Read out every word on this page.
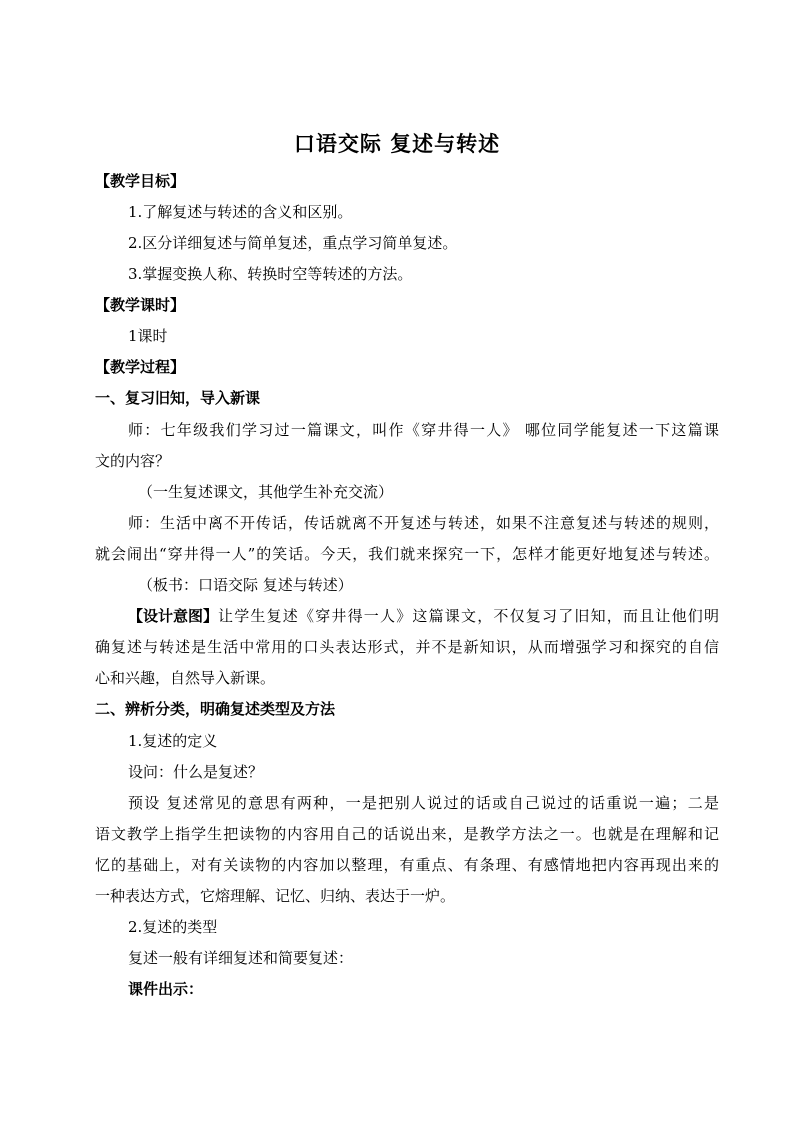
口语交际 复述与转述
【教学目标】
1.了解复述与转述的含义和区别。
2.区分详细复述与简单复述，重点学习简单复述。
3.掌握变换人称、转换时空等转述的方法。
【教学课时】
1课时
【教学过程】
一、复习旧知，导入新课
师：七年级我们学习过一篇课文，叫作《穿井得一人》 哪位同学能复述一下这篇课
文的内容？
（一生复述课文，其他学生补充交流）
师：生活中离不开传话，传话就离不开复述与转述，如果不注意复述与转述的规则，
就会闹出“穿井得一人”的笑话。今天，我们就来探究一下，怎样才能更好地复述与转述。
（板书：口语交际 复述与转述）
【设计意图】 让学生复述《穿井得一人》这篇课文，不仅复习了旧知，而且让他们明
确复述与转述是生活中常用的口头表达形式，并不是新知识，从而增强学习和探究的自信
心和兴趣，自然导入新课。
二、辨析分类，明确复述类型及方法
1.复述的定义
设问：什么是复述？
预设 复述常见的意思有两种，一是把别人说过的话或自己说过的话重说一遍；二是
语文教学上指学生把读物的内容用自己的话说出来，是教学方法之一。也就是在理解和记
忆的基础上，对有关读物的内容加以整理，有重点、有条理、有感情地把内容再现出来的
一种表达方式，它熔理解、记忆、归纳、表达于一炉。
2.复述的类型
复述一般有详细复述和简要复述：
课件出示：
